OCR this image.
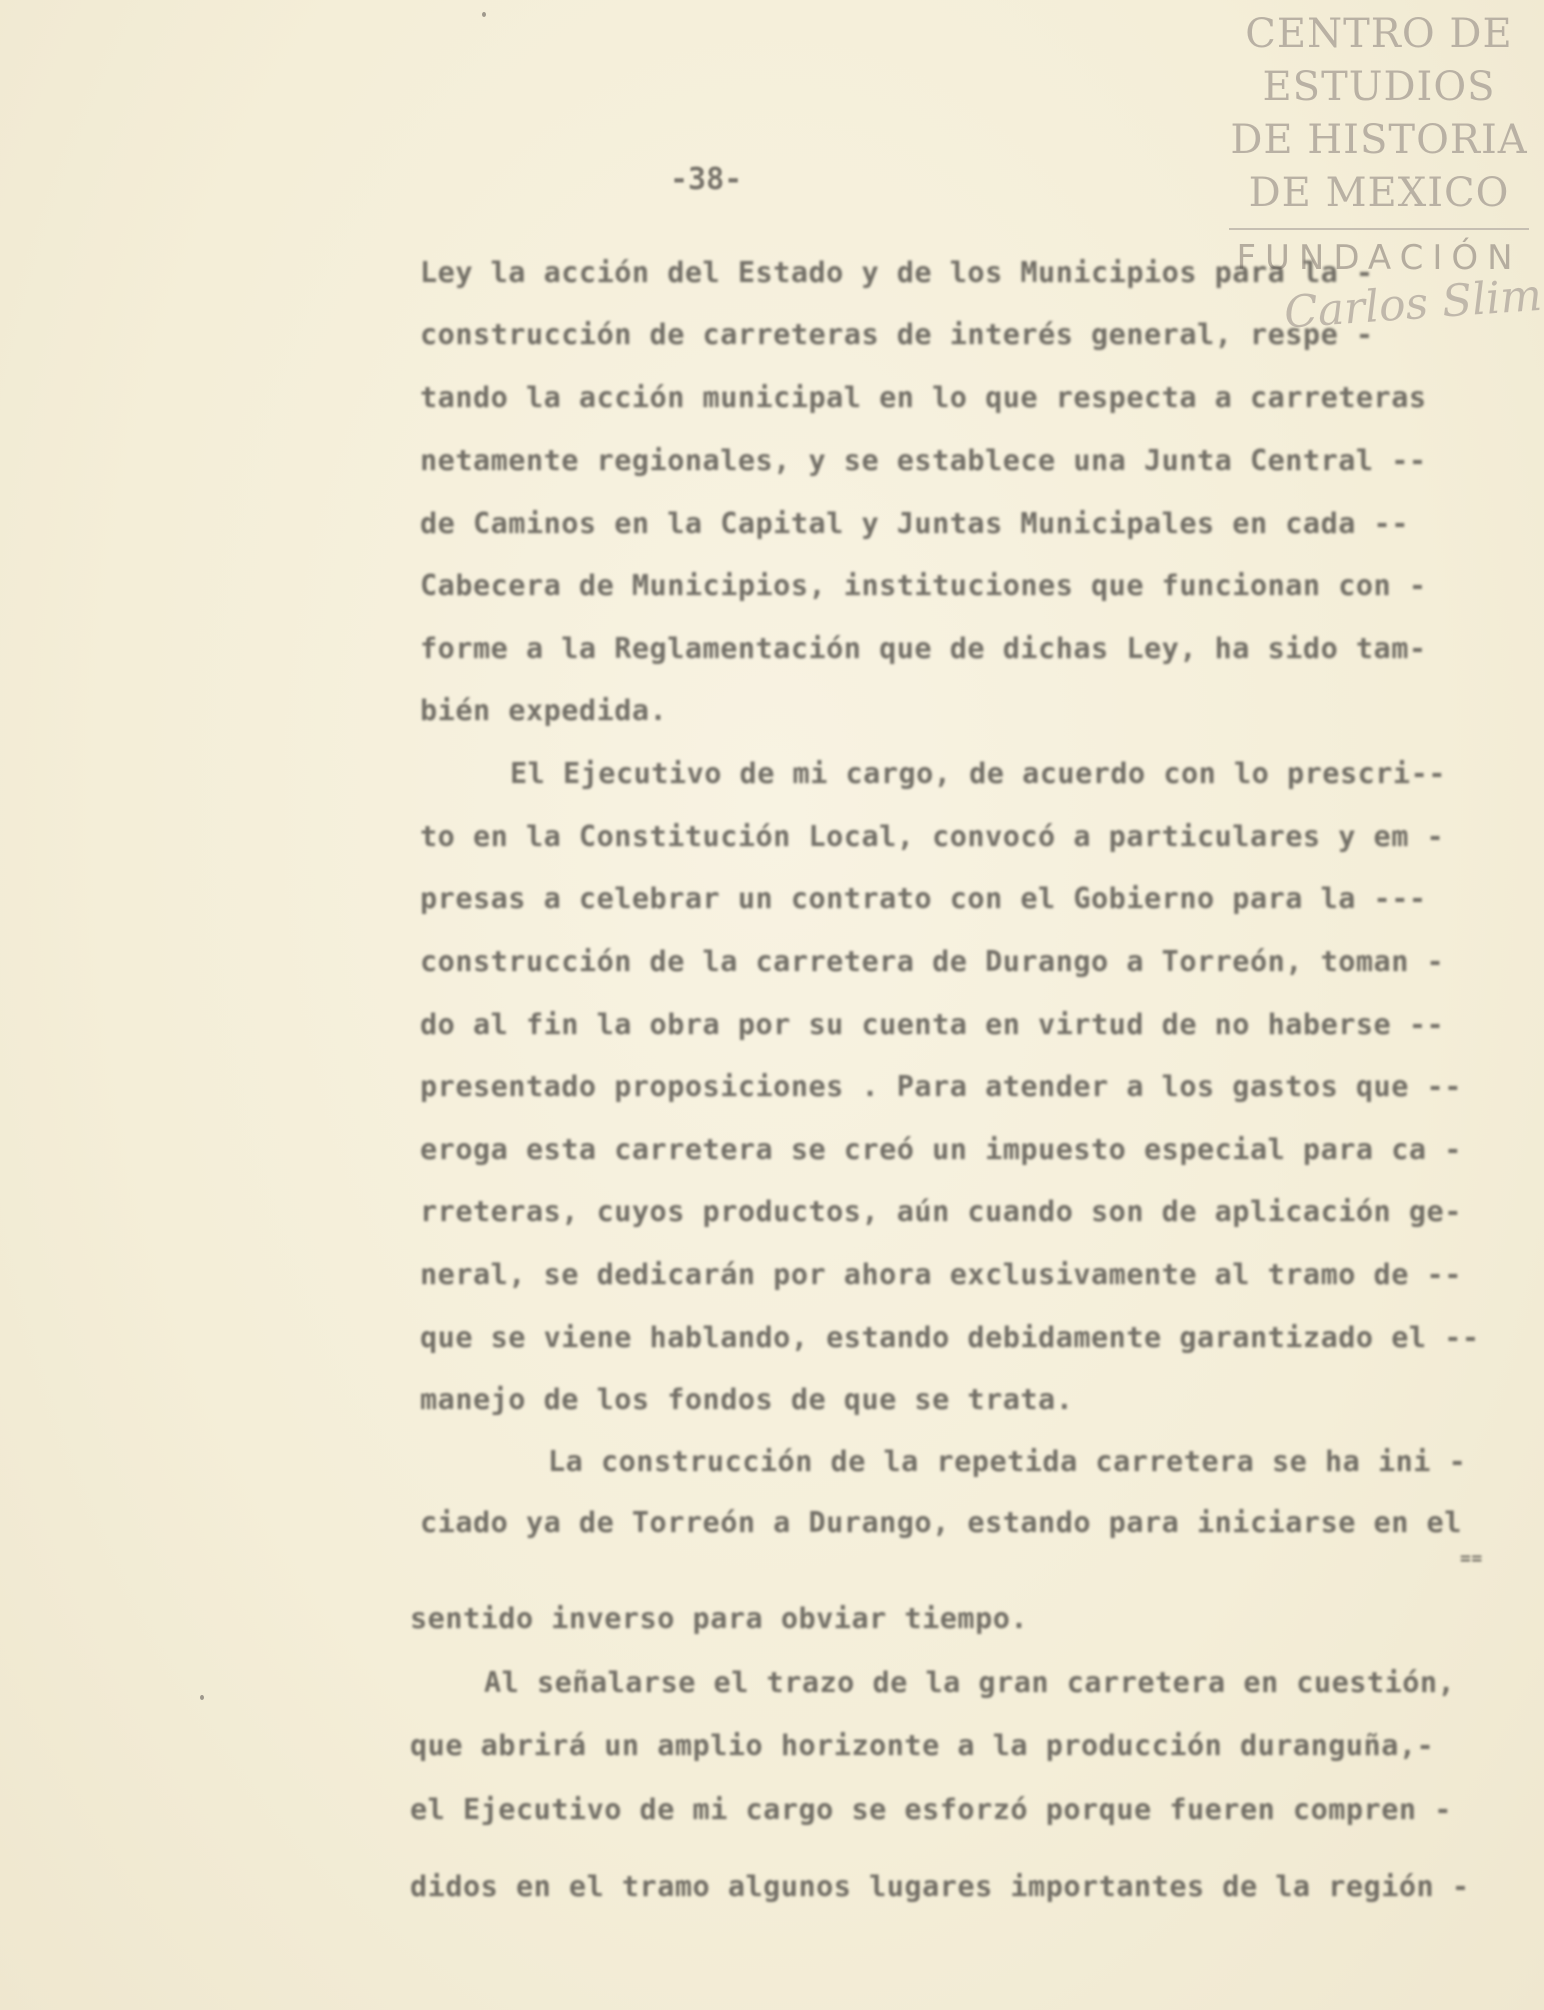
CENTRO DE
ESTUDIOS
DE HISTORIA
DE MEXICO
FUNDACIÓN
Carlos Slim
-38-
Ley la acción del Estado y de los Municipios para la -
construcción de carreteras de interés general, respe -
tando la acción municipal en lo que respecta a carreteras
netamente regionales, y se establece una Junta Central --
de Caminos en la Capital y Juntas Municipales en cada --
Cabecera de Municipios, instituciones que funcionan con -
forme a la Reglamentación que de dichas Ley, ha sido tam-
bién expedida.
El Ejecutivo de mi cargo, de acuerdo con lo prescri--
to en la Constitución Local, convocó a particulares y em -
presas a celebrar un contrato con el Gobierno para la ---
construcción de la carretera de Durango a Torreón, toman -
do al fin la obra por su cuenta en virtud de no haberse --
presentado proposiciones . Para atender a los gastos que --
eroga esta carretera se creó un impuesto especial para ca -
rreteras, cuyos productos, aún cuando son de aplicación ge-
neral, se dedicarán por ahora exclusivamente al tramo de --
que se viene hablando, estando debidamente garantizado el --
manejo de los fondos de que se trata.
La construcción de la repetida carretera se ha ini -
ciado ya de Torreón a Durango, estando para iniciarse en el
==
sentido inverso para obviar tiempo.
Al señalarse el trazo de la gran carretera en cuestión,
que abrirá un amplio horizonte a la producción duranguña,-
el Ejecutivo de mi cargo se esforzó porque fueren compren -
didos en el tramo algunos lugares importantes de la región -
